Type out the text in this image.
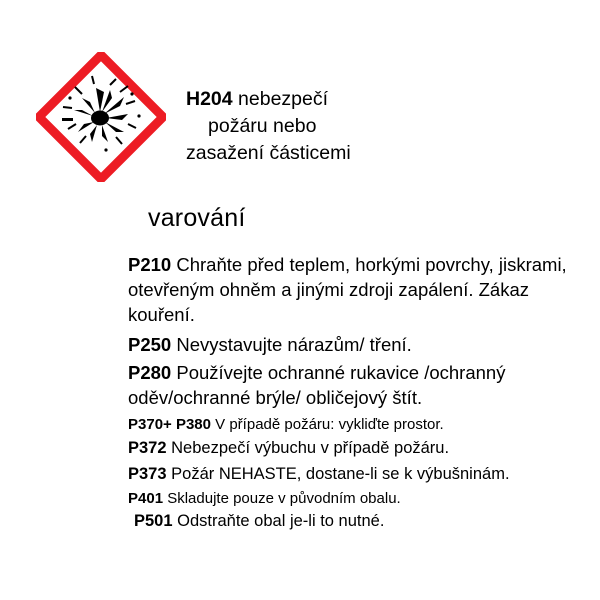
H204 nebezpečí
požáru nebo
zasažení částicemi
varování
P210 Chraňte před teplem, horkými povrchy, jiskrami, otevřeným ohněm a jinými zdroji zapálení. Zákaz kouření.
P250 Nevystavujte nárazům/ tření.
P280 Používejte ochranné rukavice /ochranný oděv/ochranné brýle/ obličejový štít.
P370+ P380 V případě požáru: vykliďte prostor.
P372 Nebezpečí výbuchu v případě požáru.
P373 Požár NEHASTE, dostane-li se k výbušninám.
P401 Skladujte pouze v původním obalu.
P501 Odstraňte obal je-li to nutné.
